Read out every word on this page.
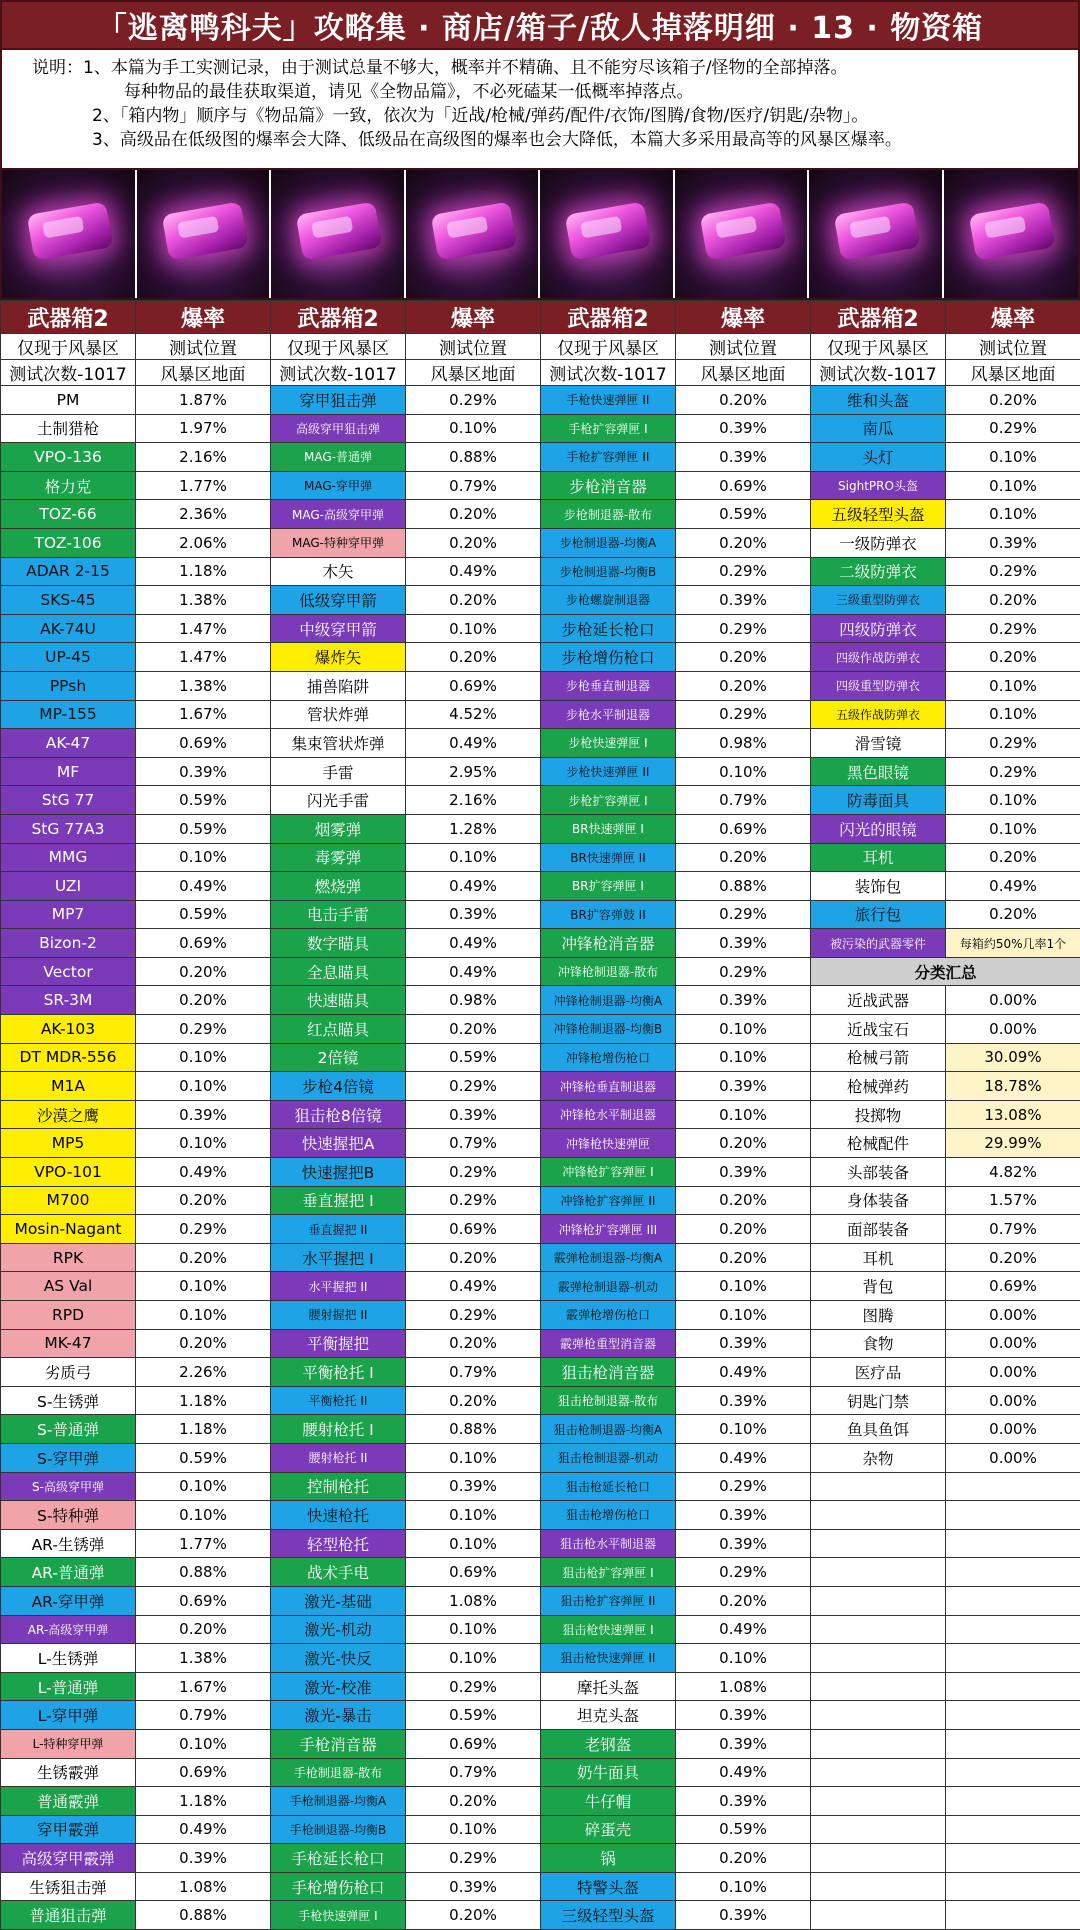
「逃离鸭科夫」攻略集 · 商店/箱子/敌人掉落明细 · 13 · 物资箱
说明：1、本篇为手工实测记录，由于测试总量不够大，概率并不精确、且不能穷尽该箱子/怪物的全部掉落。
每种物品的最佳获取渠道，请见《全物品篇》，不必死磕某一低概率掉落点。
2、「箱内物」顺序与《物品篇》一致，依次为「近战/枪械/弹药/配件/衣饰/图腾/食物/医疗/钥匙/杂物」。
3、高级品在低级图的爆率会大降、低级品在高级图的爆率也会大降低，本篇大多采用最高等的风暴区爆率。
武器箱2	爆率	武器箱2	爆率	武器箱2	爆率	武器箱2	爆率
仅现于风暴区	测试位置	仅现于风暴区	测试位置	仅现于风暴区	测试位置	仅现于风暴区	测试位置
测试次数-1017	风暴区地面	测试次数-1017	风暴区地面	测试次数-1017	风暴区地面	测试次数-1017	风暴区地面
PM	1.87%	穿甲狙击弹	0.29%	手枪快速弹匣 II	0.20%	维和头盔	0.20%
土制猎枪	1.97%	高级穿甲狙击弹	0.10%	手枪扩容弹匣 I	0.39%	南瓜	0.29%
VPO-136	2.16%	MAG-普通弹	0.88%	手枪扩容弹匣 II	0.39%	头灯	0.10%
格力克	1.77%	MAG-穿甲弹	0.79%	步枪消音器	0.69%	SightPRO头盔	0.10%
TOZ-66	2.36%	MAG-高级穿甲弹	0.20%	步枪制退器-散布	0.59%	五级轻型头盔	0.10%
TOZ-106	2.06%	MAG-特种穿甲弹	0.20%	步枪制退器-均衡A	0.20%	一级防弹衣	0.39%
ADAR 2-15	1.18%	木矢	0.49%	步枪制退器-均衡B	0.29%	二级防弹衣	0.29%
SKS-45	1.38%	低级穿甲箭	0.20%	步枪螺旋制退器	0.39%	三级重型防弹衣	0.20%
AK-74U	1.47%	中级穿甲箭	0.10%	步枪延长枪口	0.29%	四级防弹衣	0.29%
UP-45	1.47%	爆炸矢	0.20%	步枪增伤枪口	0.20%	四级作战防弹衣	0.20%
PPsh	1.38%	捕兽陷阱	0.69%	步枪垂直制退器	0.20%	四级重型防弹衣	0.10%
MP-155	1.67%	管状炸弹	4.52%	步枪水平制退器	0.29%	五级作战防弹衣	0.10%
AK-47	0.69%	集束管状炸弹	0.49%	步枪快速弹匣 I	0.98%	滑雪镜	0.29%
MF	0.39%	手雷	2.95%	步枪快速弹匣 II	0.10%	黑色眼镜	0.29%
StG 77	0.59%	闪光手雷	2.16%	步枪扩容弹匣 I	0.79%	防毒面具	0.10%
StG 77A3	0.59%	烟雾弹	1.28%	BR快速弹匣 I	0.69%	闪光的眼镜	0.10%
MMG	0.10%	毒雾弹	0.10%	BR快速弹匣 II	0.20%	耳机	0.20%
UZI	0.49%	燃烧弹	0.49%	BR扩容弹匣 I	0.88%	装饰包	0.49%
MP7	0.59%	电击手雷	0.39%	BR扩容弹鼓 II	0.29%	旅行包	0.20%
Bizon-2	0.69%	数字瞄具	0.49%	冲锋枪消音器	0.39%	被污染的武器零件	每箱约50%几率1个
Vector	0.20%	全息瞄具	0.49%	冲锋枪制退器-散布	0.29%	分类汇总	
SR-3M	0.20%	快速瞄具	0.98%	冲锋枪制退器-均衡A	0.39%	近战武器	0.00%
AK-103	0.29%	红点瞄具	0.20%	冲锋枪制退器-均衡B	0.10%	近战宝石	0.00%
DT MDR-556	0.10%	2倍镜	0.59%	冲锋枪增伤枪口	0.10%	枪械弓箭	30.09%
M1A	0.10%	步枪4倍镜	0.29%	冲锋枪垂直制退器	0.39%	枪械弹药	18.78%
沙漠之鹰	0.39%	狙击枪8倍镜	0.39%	冲锋枪水平制退器	0.10%	投掷物	13.08%
MP5	0.10%	快速握把A	0.79%	冲锋枪快速弹匣	0.20%	枪械配件	29.99%
VPO-101	0.49%	快速握把B	0.29%	冲锋枪扩容弹匣 I	0.39%	头部装备	4.82%
M700	0.20%	垂直握把 I	0.29%	冲锋枪扩容弹匣 II	0.20%	身体装备	1.57%
Mosin-Nagant	0.29%	垂直握把 II	0.69%	冲锋枪扩容弹匣 III	0.20%	面部装备	0.79%
RPK	0.20%	水平握把 I	0.20%	霰弹枪制退器-均衡A	0.20%	耳机	0.20%
AS Val	0.10%	水平握把 II	0.49%	霰弹枪制退器-机动	0.10%	背包	0.69%
RPD	0.10%	腰射握把 II	0.29%	霰弹枪增伤枪口	0.10%	图腾	0.00%
MK-47	0.20%	平衡握把	0.20%	霰弹枪重型消音器	0.39%	食物	0.00%
劣质弓	2.26%	平衡枪托 I	0.79%	狙击枪消音器	0.49%	医疗品	0.00%
S-生锈弹	1.18%	平衡枪托 II	0.20%	狙击枪制退器-散布	0.39%	钥匙门禁	0.00%
S-普通弹	1.18%	腰射枪托 I	0.88%	狙击枪制退器-均衡A	0.10%	鱼具鱼饵	0.00%
S-穿甲弹	0.59%	腰射枪托 II	0.10%	狙击枪制退器-机动	0.49%	杂物	0.00%
S-高级穿甲弹	0.10%	控制枪托	0.39%	狙击枪延长枪口	0.29%		
S-特种弹	0.10%	快速枪托	0.10%	狙击枪增伤枪口	0.39%		
AR-生锈弹	1.77%	轻型枪托	0.10%	狙击枪水平制退器	0.39%		
AR-普通弹	0.88%	战术手电	0.69%	狙击枪扩容弹匣 I	0.29%		
AR-穿甲弹	0.69%	激光-基础	1.08%	狙击枪扩容弹匣 II	0.20%		
AR-高级穿甲弹	0.20%	激光-机动	0.10%	狙击枪快速弹匣 I	0.49%		
L-生锈弹	1.38%	激光-快反	0.10%	狙击枪快速弹匣 II	0.10%		
L-普通弹	1.67%	激光-校准	0.29%	摩托头盔	1.08%		
L-穿甲弹	0.79%	激光-暴击	0.59%	坦克头盔	0.39%		
L-特种穿甲弹	0.10%	手枪消音器	0.69%	老钢盔	0.39%		
生锈霰弹	0.69%	手枪制退器-散布	0.79%	奶牛面具	0.49%		
普通霰弹	1.18%	手枪制退器-均衡A	0.20%	牛仔帽	0.39%		
穿甲霰弹	0.49%	手枪制退器-均衡B	0.10%	碎蛋壳	0.59%		
高级穿甲霰弹	0.39%	手枪延长枪口	0.29%	锅	0.20%		
生锈狙击弹	1.08%	手枪增伤枪口	0.39%	特警头盔	0.10%		
普通狙击弹	0.88%	手枪快速弹匣 I	0.20%	三级轻型头盔	0.39%		
